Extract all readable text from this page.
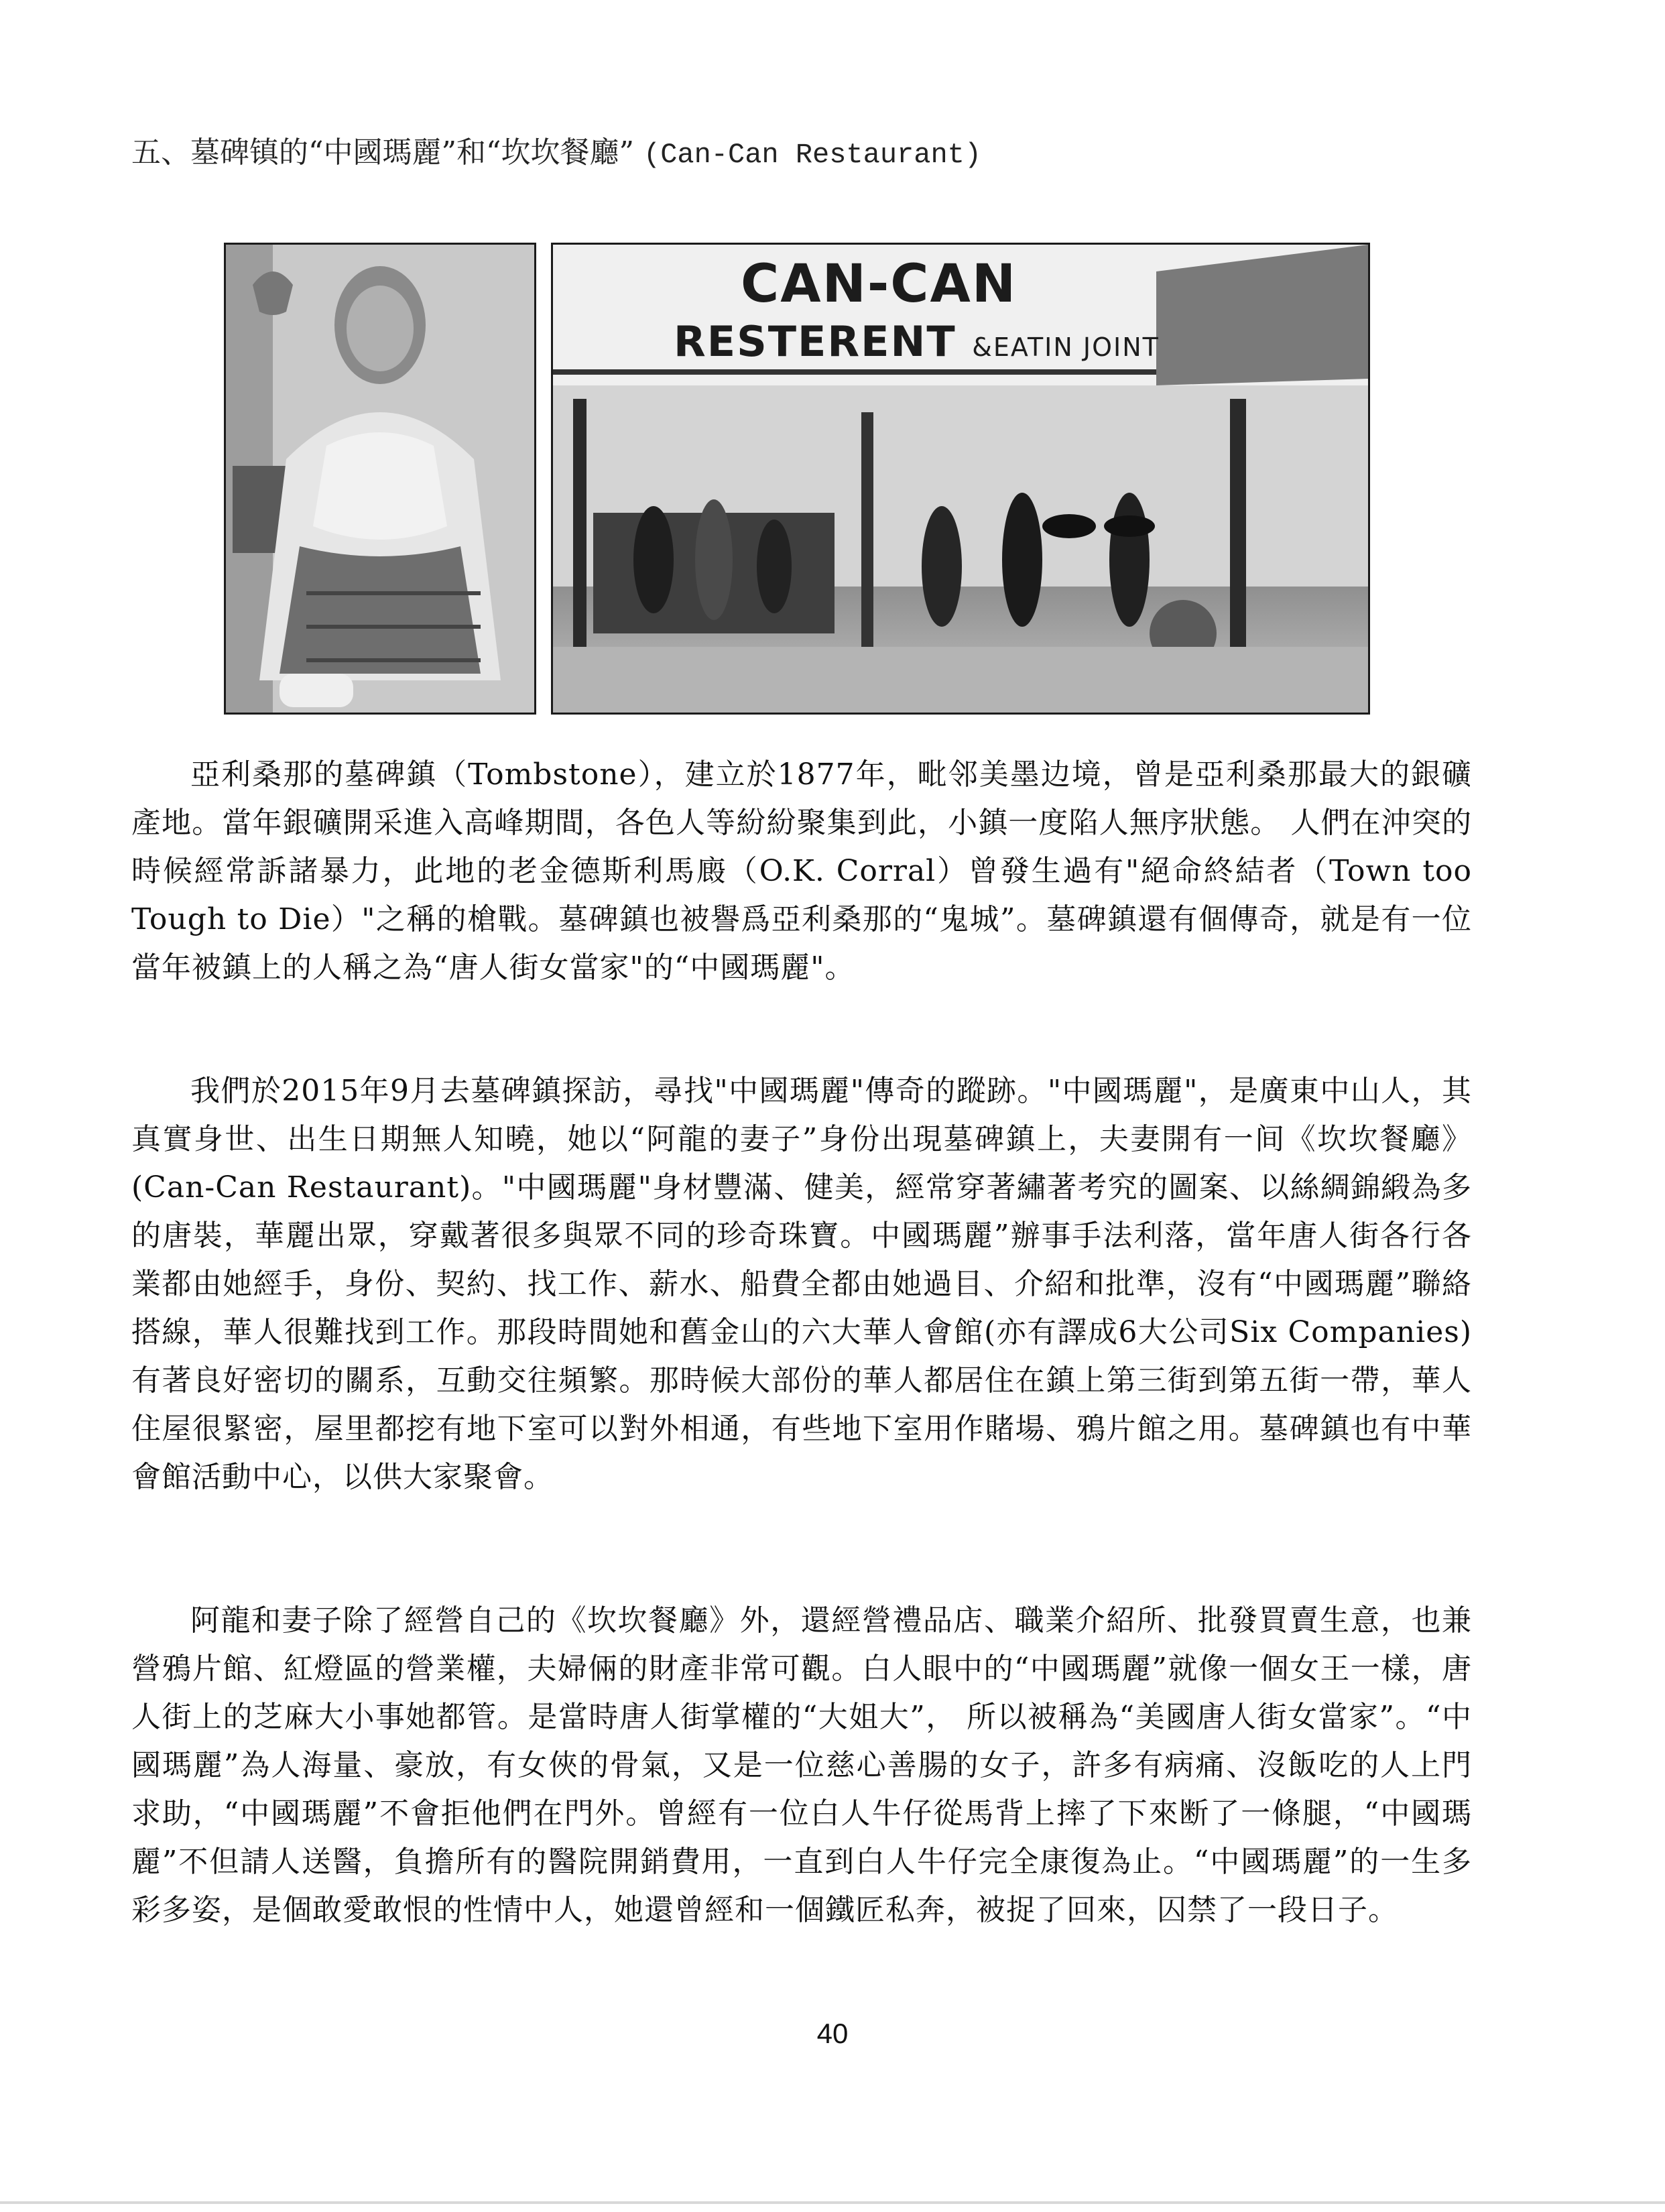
五、墓碑镇的“中國瑪麗”和“坎坎餐廳” (Can-Can Restaurant)
CAN-CAN
RESTERENT &EATIN JOINT

亞利桑那的墓碑鎮（Tombstone），建立於1877年，毗邻美墨边境，曾是亞利桑那最大的銀礦產地。當年銀礦開采進入高峰期間，各色人等紛紛聚集到此，小鎮一度陷人無序狀態。 人們在沖突的時候經常訴諸暴力，此地的老金德斯利馬廄（O.K. Corral）曾發生過有"絕命終結者（Town too Tough to Die）"之稱的槍戰。墓碑鎮也被譽爲亞利桑那的“鬼城”。墓碑鎮還有個傳奇，就是有一位當年被鎮上的人稱之為“唐人街女當家"的“中國瑪麗"。

我們於2015年9月去墓碑鎮探訪，尋找"中國瑪麗"傳奇的蹤跡。"中國瑪麗"，是廣東中山人，其真實身世、出生日期無人知曉，她以“阿龍的妻子”身份出現墓碑鎮上，夫妻開有一间《坎坎餐廳》(Can-Can Restaurant)。"中國瑪麗"身材豐滿、健美，經常穿著繡著考究的圖案、以絲綢錦緞為多的唐裝，華麗出眾，穿戴著很多與眾不同的珍奇珠寶。中國瑪麗”辦事手法利落，當年唐人街各行各業都由她經手，身份、契約、找工作、薪水、船費全都由她過目、介紹和批準，沒有“中國瑪麗”聯絡搭線，華人很難找到工作。那段時間她和舊金山的六大華人會館(亦有譯成6大公司Six Companies) 有著良好密切的關系，互動交往頻繁。那時候大部份的華人都居住在鎮上第三街到第五街一帶，華人住屋很緊密，屋里都挖有地下室可以對外相通，有些地下室用作賭場、鴉片館之用。墓碑鎮也有中華會館活動中心，以供大家聚會。

阿龍和妻子除了經營自己的《坎坎餐廳》外，還經營禮品店、職業介紹所、批發買賣生意，也兼營鴉片館、紅燈區的營業權，夫婦倆的財產非常可觀。白人眼中的“中國瑪麗”就像一個女王一樣，唐人街上的芝麻大小事她都管。是當時唐人街掌權的“大姐大”， 所以被稱為“美國唐人街女當家”。“中國瑪麗”為人海量、豪放，有女俠的骨氣，又是一位慈心善腸的女子，許多有病痛、沒飯吃的人上門求助，“中國瑪麗”不會拒他們在門外。曾經有一位白人牛仔從馬背上摔了下來断了一條腿，“中國瑪麗”不但請人送醫，負擔所有的醫院開銷費用，一直到白人牛仔完全康復為止。“中國瑪麗”的一生多彩多姿，是個敢愛敢恨的性情中人，她還曾經和一個鐵匠私奔，被捉了回來，囚禁了一段日子。

40
